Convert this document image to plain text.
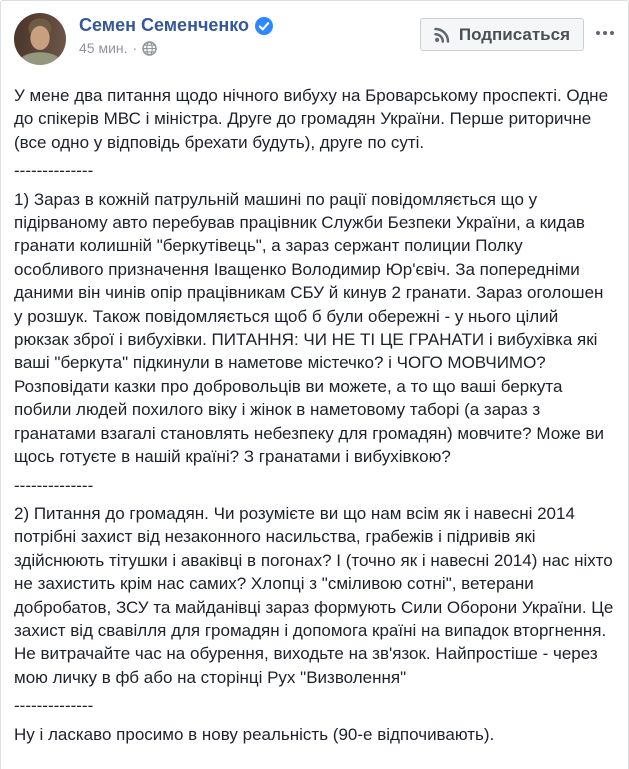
Семен Семенченко
45 мин. ·
Подписаться

У мене два питання щодо нічного вибуху на Броварському проспекті. Одне до спікерів МВС і міністра. Друге до громадян України. Перше риторичне (все одно у відповідь брехати будуть), друге по суті.

--------------

1) Зараз в кожній патрульній машині по рації повідомляється що у підірваному авто перебував працівник Служби Безпеки України, а кидав гранати колишній "беркутівець", а зараз сержант полиции Полку особливого призначення Іващенко Володимир Юр'євіч. За попередніми даними він чинів опір працівникам СБУ й кинув 2 гранати. Зараз оголошен у розшук. Також повідомляється щоб б були обережні - у нього цілий рюкзак зброї і вибухівки. ПИТАННЯ: ЧИ НЕ ТІ ЦЕ ГРАНАТИ і вибухівка які ваші "беркута" підкинули в наметове містечко? і ЧОГО МОВЧИМО? Розповідати казки про добровольців ви можете, а то що ваші беркута побили людей похилого віку і жінок в наметовому таборі (а зараз з гранатами взагалі становлять небезпеку для громадян) мовчите? Може ви щось готуєте в нашій країні? З гранатами і вибухівкою?

--------------

2) Питання до громадян. Чи розумієте ви що нам всім як і навесні 2014 потрібні захист від незаконного насильства, грабежів і підривів які здійснюють тітушки і аваківці в погонах? І (точно як і навесні 2014) нас ніхто не захистить крім нас самих? Хлопці з "сміливою сотні", ветерани добробатов, ЗСУ та майданівці зараз формують Сили Оборони України. Це захист від свавілля для громадян і допомога країні на випадок вторгнення. Не витрачайте час на обурення, виходьте на зв'язок. Найпростіше - через мою личку в фб або на сторінці Рух "Визволення"

--------------

Ну і ласкаво просимо в нову реальність (90-е відпочивають).
